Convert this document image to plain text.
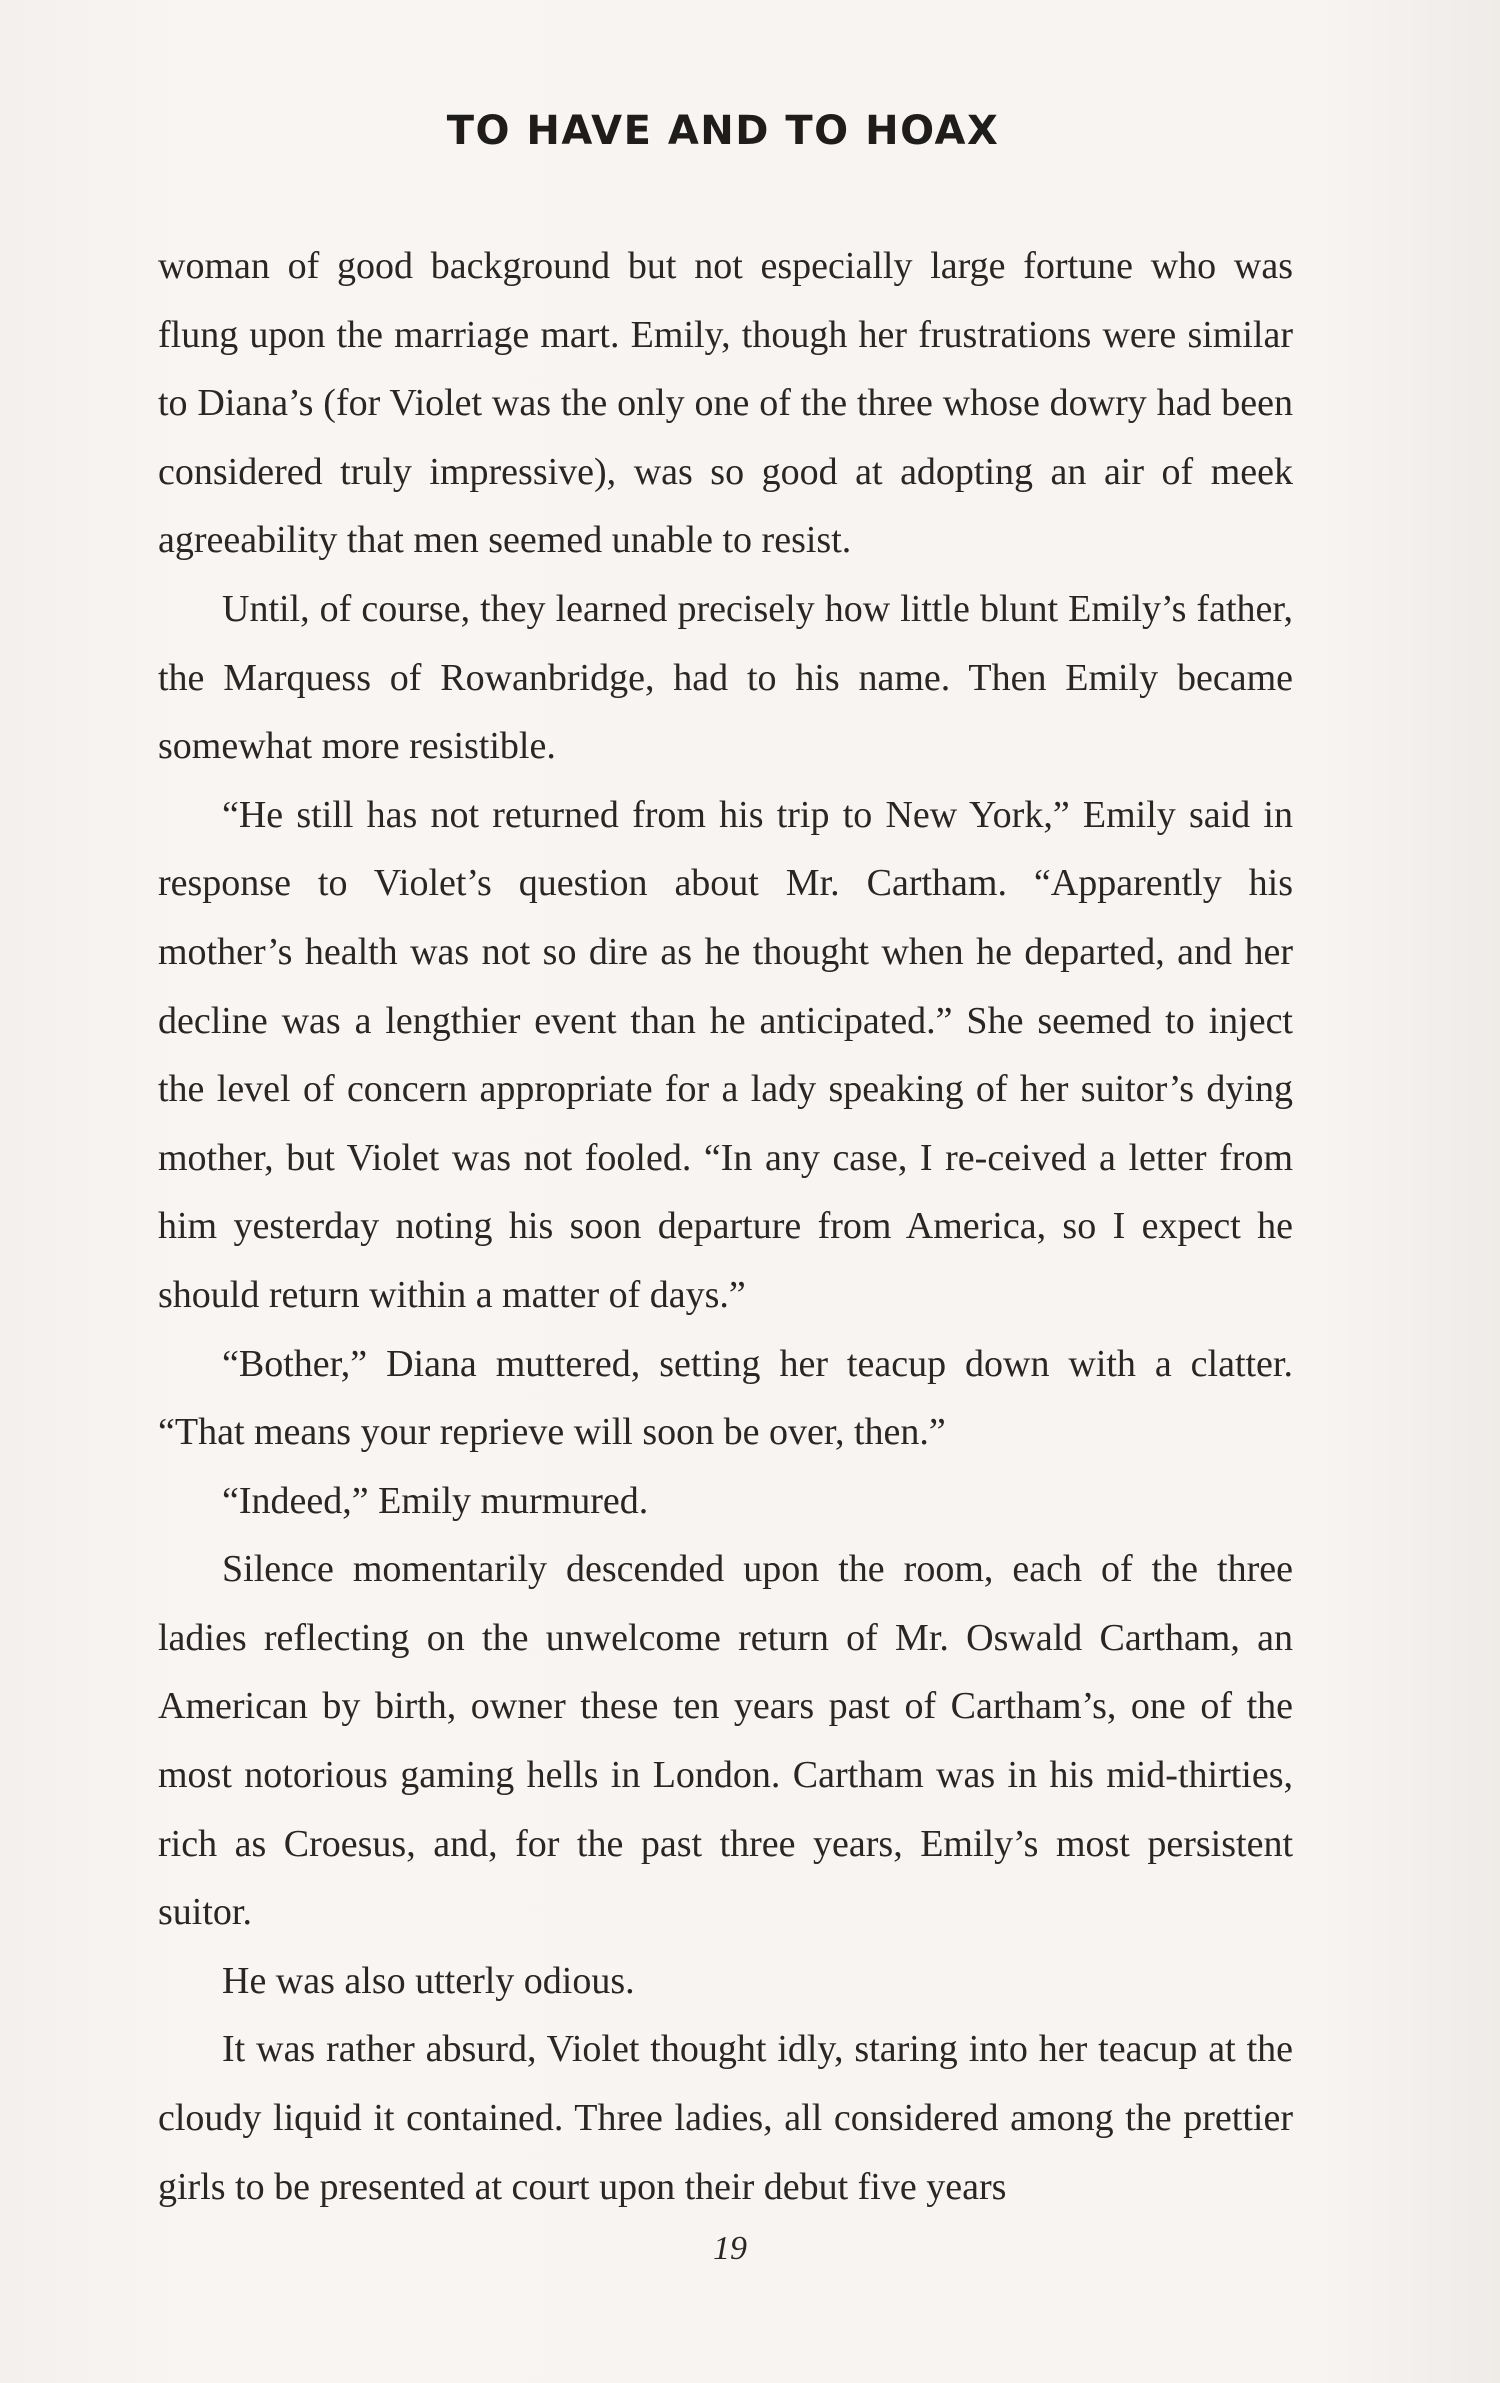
TO HAVE AND TO HOAX

woman of good background but not especially large fortune who was flung upon the marriage mart. Emily, though her frustrations were similar to Diana’s (for Violet was the only one of the three whose dowry had been considered truly impressive), was so good at adopting an air of meek agreeability that men seemed unable to resist.

Until, of course, they learned precisely how little blunt Emily’s father, the Marquess of Rowanbridge, had to his name. Then Emily became somewhat more resistible.

“He still has not returned from his trip to New York,” Emily said in response to Violet’s question about Mr. Cartham. “Apparently his mother’s health was not so dire as he thought when he departed, and her decline was a lengthier event than he anticipated.” She seemed to inject the level of concern appropriate for a lady speaking of her suitor’s dying mother, but Violet was not fooled. “In any case, I re-ceived a letter from him yesterday noting his soon departure from America, so I expect he should return within a matter of days.”

“Bother,” Diana muttered, setting her teacup down with a clatter. “That means your reprieve will soon be over, then.”

“Indeed,” Emily murmured.

Silence momentarily descended upon the room, each of the three ladies reflecting on the unwelcome return of Mr. Oswald Cartham, an American by birth, owner these ten years past of Cartham’s, one of the most notorious gaming hells in London. Cartham was in his mid-thirties, rich as Croesus, and, for the past three years, Emily’s most persistent suitor.

He was also utterly odious.

It was rather absurd, Violet thought idly, staring into her teacup at the cloudy liquid it contained. Three ladies, all considered among the prettier girls to be presented at court upon their debut five years

19
